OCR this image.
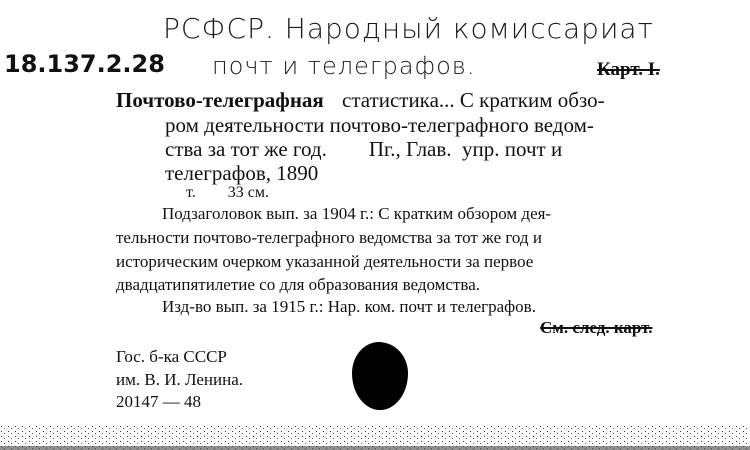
РСФСР. Народный комиссариат
18.137.2.28 почт и телеграфов.	Карт. I.
Почтово-телеграфная статистика... С кратким обзо-
ром деятельности почтово-телеграфного ведом-
ства за тот же год.        Пг., Глав.  упр. почт и
телеграфов, 1890
т.        33 см.
Подзаголовок вып. за 1904 г.: С кратким обзором дея-
тельности почтово-телеграфного ведомства за тот же год и
историческим очерком указанной деятельности за первое
двадцатипятилетие со для образования ведомства.
Изд-во вып. за 1915 г.: Нар. ком. почт и телеграфов.
См. след. карт.
Гос. б-ка СССР
им. В. И. Ленина.
20147 — 48
